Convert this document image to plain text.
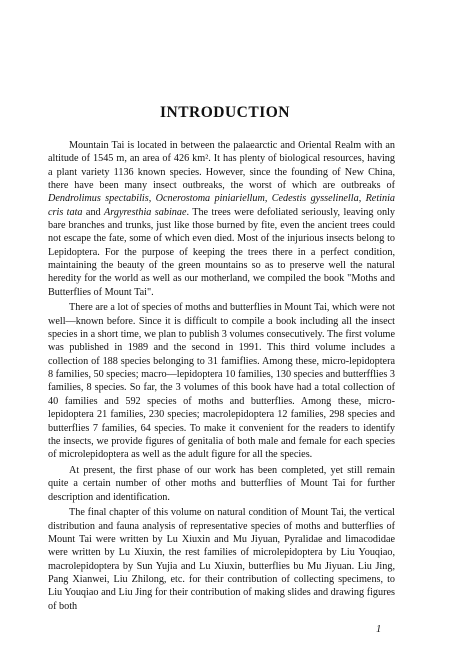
INTRODUCTION

Mountain Tai is located in between the palaearctic and Oriental Realm with an altitude of 1545 m, an area of 426 km². It has plenty of biological resources, having a plant variety 1136 known species. However, since the founding of New China, there have been many insect outbreaks, the worst of which are outbreaks of Dendrolimus spectabilis, Ocnerostoma piniariellum, Cedestis gysselinella, Retinia cris tata and Argyresthia sabinae. The trees were defoliated seriously, leaving only bare branches and trunks, just like those burned by fite, even the ancient trees could not escape the fate, some of which even died. Most of the injurious insects belong to Lepidoptera. For the purpose of keeping the trees there in a perfect condition, maintaining the beauty of the green mountains so as to preserve well the natural heredity for the world as well as our motherland, we compiled the book "Moths and Butterflies of Mount Tai".

There are a lot of species of moths and butterflies in Mount Tai, which were not well—known before. Since it is difficult to compile a book including all the insect species in a short time, we plan to publish 3 volumes consecutively. The first volume was published in 1989 and the second in 1991. This third volume includes a collection of 188 species belonging to 31 famiflies. Among these, micro-lepidoptera 8 families, 50 species; macro—lepidoptera 10 families, 130 species and butterfflies 3 families, 8 species. So far, the 3 volumes of this book have had a total collection of 40 families and 592 species of moths and butterflies. Among these, micro-lepidoptera 21 families, 230 species; macrolepidoptera 12 families, 298 species and butterflies 7 families, 64 species. To make it convenient for the readers to identify the insects, we provide figures of genitalia of both male and female for each species of microlepidoptera as well as the adult figure for all the species.

At present, the first phase of our work has been completed, yet still remain quite a certain number of other moths and butterflies of Mount Tai for further description and identification.

The final chapter of this volume on natural condition of Mount Tai, the vertical distribution and fauna analysis of representative species of moths and butterflies of Mount Tai were written by Lu Xiuxin and Mu Jiyuan, Pyralidae and limacodidae were written by Lu Xiuxin, the rest families of microlepidoptera by Liu Youqiao, macrolepidoptera by Sun Yujia and Lu Xiuxin, butterflies bu Mu Jiyuan. Liu Jing, Pang Xianwei, Liu Zhilong, etc. for their contribution of collecting specimens, to Liu Youqiao and Liu Jing for their contribution of making slides and drawing figures of both

1
